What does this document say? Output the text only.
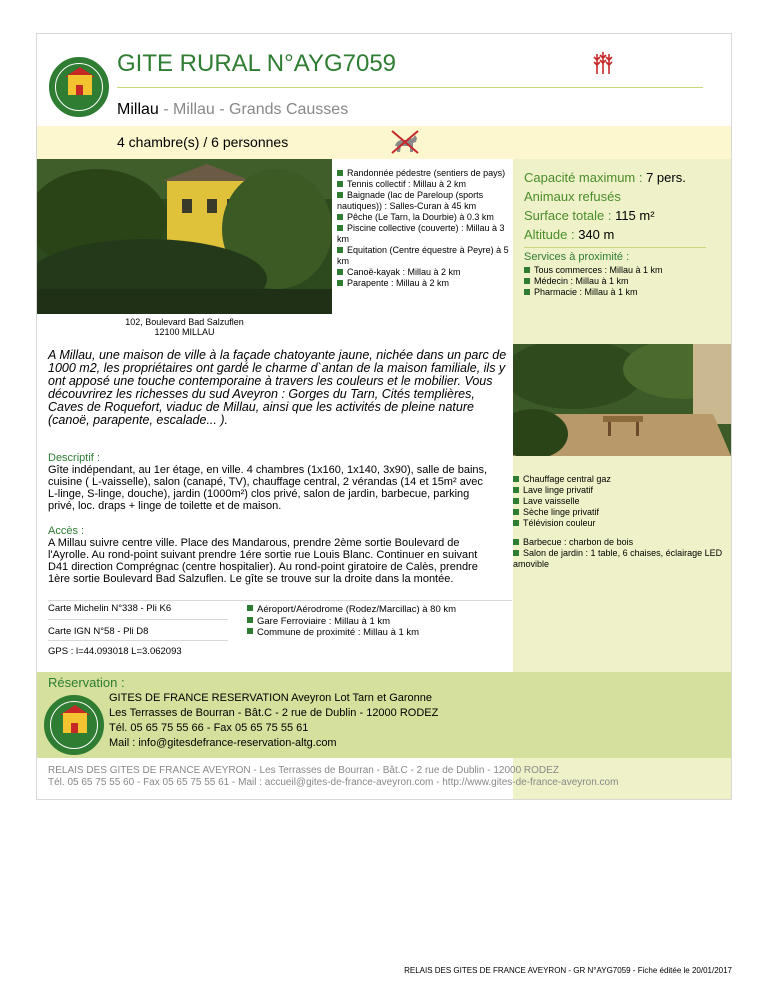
GITE RURAL N°AYG7059
Millau - Millau - Grands Causses
4 chambre(s) / 6 personnes
102, Boulevard Bad Salzuflen
12100 MILLAU
Randonnée pédestre (sentiers de pays)
Tennis collectif : Millau à 2 km
Baignade (lac de Pareloup (sports nautiques)) : Salles-Curan à 45 km
Pêche (Le Tarn, la Dourbie) à 0.3 km
Piscine collective (couverte) : Millau à 3 km
Equitation (Centre équestre à Peyre) à 5 km
Canoë-kayak : Millau à 2 km
Parapente : Millau à 2 km
Capacité maximum : 7 pers.
Animaux refusés
Surface totale : 115 m²
Altitude : 340 m
Services à proximité :
Tous commerces : Millau à 1 km
Médecin : Millau à 1 km
Pharmacie : Millau à 1 km
A Millau, une maison de ville à la façade chatoyante jaune, nichée dans un parc de 1000 m2, les propriétaires ont gardé le charme d`antan de la maison familiale, ils y ont apposé une touche contemporaine à travers les couleurs et le mobilier. Vous découvrirez les richesses du sud Aveyron : Gorges du Tarn, Cités templières, Caves de Roquefort, viaduc de Millau, ainsi que les activités de pleine nature (canoë, parapente, escalade... ).
Descriptif :
Gîte indépendant, au 1er étage, en ville. 4 chambres (1x160, 1x140, 3x90), salle de bains, cuisine ( L-vaisselle), salon (canapé, TV), chauffage central, 2 vérandas (14 et 15m² avec L-linge, S-linge, douche), jardin (1000m²) clos privé, salon de jardin, barbecue, parking privé, loc. draps + linge de toilette et de maison.
Chauffage central gaz
Lave linge privatif
Lave vaisselle
Sèche linge privatif
Télévision couleur
Accès :
A Millau suivre centre ville. Place des Mandarous, prendre 2ème sortie Boulevard de l'Ayrolle. Au rond-point suivant prendre 1ére sortie rue Louis Blanc. Continuer en suivant D41 direction Comprégnac (centre hospitalier). Au rond-point giratoire de Calès, prendre 1ère sortie Boulevard Bad Salzuflen. Le gîte se trouve sur la droite dans la montée.
Barbecue : charbon de bois
Salon de jardin : 1 table, 6 chaises, éclairage LED amovible
Carte Michelin N°338 - Pli K6
Carte IGN N°58 - Pli D8
Aéroport/Aérodrome (Rodez/Marcillac) à 80 km
Gare Ferroviaire : Millau à 1 km
Commune de proximité : Millau à 1 km
GPS : l=44.093018 L=3.062093
Réservation :
GITES DE FRANCE RESERVATION Aveyron Lot Tarn et Garonne
Les Terrasses de Bourran - Bât.C - 2 rue de Dublin - 12000 RODEZ
Tél. 05 65 75 55 66 - Fax 05 65 75 55 61
Mail : info@gitesdefrance-reservation-altg.com
RELAIS DES GITES DE FRANCE AVEYRON - Les Terrasses de Bourran - Bât.C - 2 rue de Dublin - 12000 RODEZ
Tél. 05 65 75 55 60 - Fax 05 65 75 55 61 - Mail : accueil@gites-de-france-aveyron.com - http://www.gites-de-france-aveyron.com
RELAIS DES GITES DE FRANCE AVEYRON - GR N°AYG7059 - Fiche éditée le 20/01/2017
